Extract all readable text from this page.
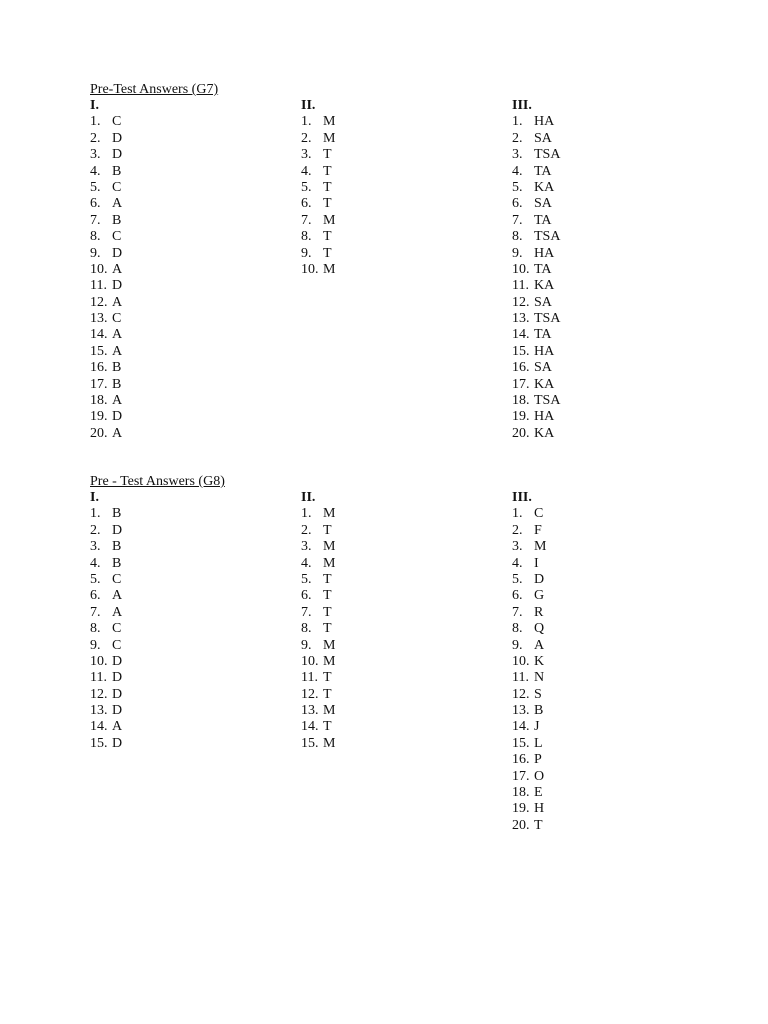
Pre-Test Answers (G7)
I.
1. C
2. D
3. D
4. B
5. C
6. A
7. B
8. C
9. D
10. A
11. D
12. A
13. C
14. A
15. A
16. B
17. B
18. A
19. D
20. A
II.
1. M
2. M
3. T
4. T
5. T
6. T
7. M
8. T
9. T
10. M
III.
1. HA
2. SA
3. TSA
4. TA
5. KA
6. SA
7. TA
8. TSA
9. HA
10. TA
11. KA
12. SA
13. TSA
14. TA
15. HA
16. SA
17. KA
18. TSA
19. HA
20. KA
Pre - Test Answers (G8)
I.
1. B
2. D
3. B
4. B
5. C
6. A
7. A
8. C
9. C
10. D
11. D
12. D
13. D
14. A
15. D
II.
1. M
2. T
3. M
4. M
5. T
6. T
7. T
8. T
9. M
10. M
11. T
12. T
13. M
14. T
15. M
III.
1. C
2. F
3. M
4. I
5. D
6. G
7. R
8. Q
9. A
10. K
11. N
12. S
13. B
14. J
15. L
16. P
17. O
18. E
19. H
20. T
